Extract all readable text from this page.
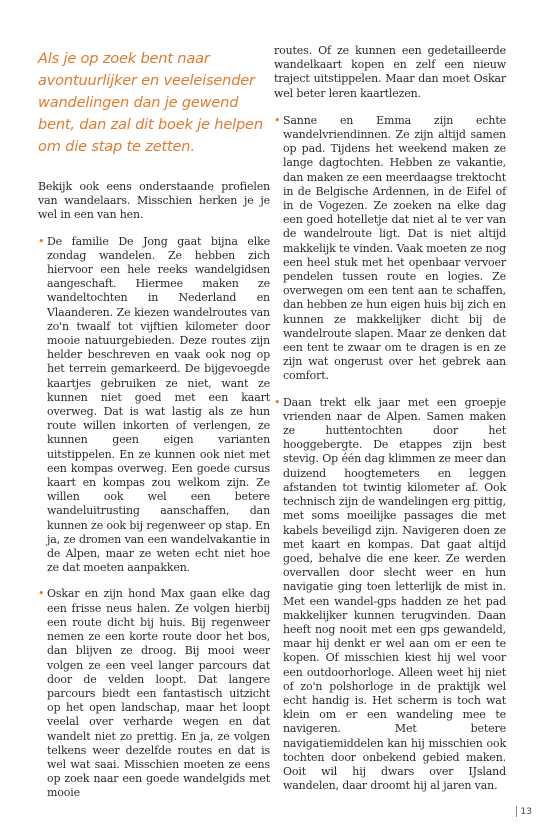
Als je op zoek bent naar avontuurlijker en veeleisender wandelingen dan je gewend bent, dan zal dit boek je helpen om die stap te zetten.

Bekijk ook eens onderstaande profielen van wandelaars. Misschien herken je je wel in een van hen.

• De familie De Jong gaat bijna elke zondag wandelen. Ze hebben zich hiervoor een hele reeks wandelgidsen aangeschaft. Hiermee maken ze wandeltochten in Nederland en Vlaanderen. Ze kiezen wandelroutes van zo'n twaalf tot vijftien kilometer door mooie natuurgebieden. Deze routes zijn helder beschreven en vaak ook nog op het terrein gemarkeerd. De bijgevoegde kaartjes gebruiken ze niet, want ze kunnen niet goed met een kaart overweg. Dat is wat lastig als ze hun route willen inkorten of verlengen, ze kunnen geen eigen varianten uitstippelen. En ze kunnen ook niet met een kompas overweg. Een goede cursus kaart en kompas zou welkom zijn. Ze willen ook wel een betere wandeluitrusting aanschaffen, dan kunnen ze ook bij regenweer op stap. En ja, ze dromen van een wandelvakantie in de Alpen, maar ze weten echt niet hoe ze dat moeten aanpakken.
• Oskar en zijn hond Max gaan elke dag een frisse neus halen. Ze volgen hierbij een route dicht bij huis. Bij regenweer nemen ze een korte route door het bos, dan blijven ze droog. Bij mooi weer volgen ze een veel langer parcours dat door de velden loopt. Dat langere parcours biedt een fantastisch uitzicht op het open landschap, maar het loopt veelal over verharde wegen en dat wandelt niet zo prettig. En ja, ze volgen telkens weer dezelfde routes en dat is wel wat saai. Misschien moeten ze eens op zoek naar een goede wandelgids met mooie

routes. Of ze kunnen een gedetailleerde wandelkaart kopen en zelf een nieuw traject uitstippelen. Maar dan moet Oskar wel beter leren kaartlezen.

• Sanne en Emma zijn echte wandelvriendinnen. Ze zijn altijd samen op pad. Tijdens het weekend maken ze lange dagtochten. Hebben ze vakantie, dan maken ze een meerdaagse trektocht in de Belgische Ardennen, in de Eifel of in de Vogezen. Ze zoeken na elke dag een goed hotelletje dat niet al te ver van de wandelroute ligt. Dat is niet altijd makkelijk te vinden. Vaak moeten ze nog een heel stuk met het openbaar vervoer pendelen tussen route en logies. Ze overwegen om een tent aan te schaffen, dan hebben ze hun eigen huis bij zich en kunnen ze makkelijker dicht bij de wandelroute slapen. Maar ze denken dat een tent te zwaar om te dragen is en ze zijn wat ongerust over het gebrek aan comfort.
• Daan trekt elk jaar met een groepje vrienden naar de Alpen. Samen maken ze huttentochten door het hooggebergte. De etappes zijn best stevig. Op één dag klimmen ze meer dan duizend hoogtemeters en leggen afstanden tot twintig kilometer af. Ook technisch zijn de wandelingen erg pittig, met soms moeilijke passages die met kabels beveiligd zijn. Navigeren doen ze met kaart en kompas. Dat gaat altijd goed, behalve die ene keer. Ze werden overvallen door slecht weer en hun navigatie ging toen letterlijk de mist in. Met een wandel-gps hadden ze het pad makkelijker kunnen terugvinden. Daan heeft nog nooit met een gps gewandeld, maar hij denkt er wel aan om er een te kopen. Of misschien kiest hij wel voor een outdoorhorloge. Alleen weet hij niet of zo'n polshorloge in de praktijk wel echt handig is. Het scherm is toch wat klein om er een wandeling mee te navigeren. Met betere navigatiemiddelen kan hij misschien ook tochten door onbekend gebied maken. Ooit wil hij dwars over IJsland wandelen, daar droomt hij al jaren van.
13
